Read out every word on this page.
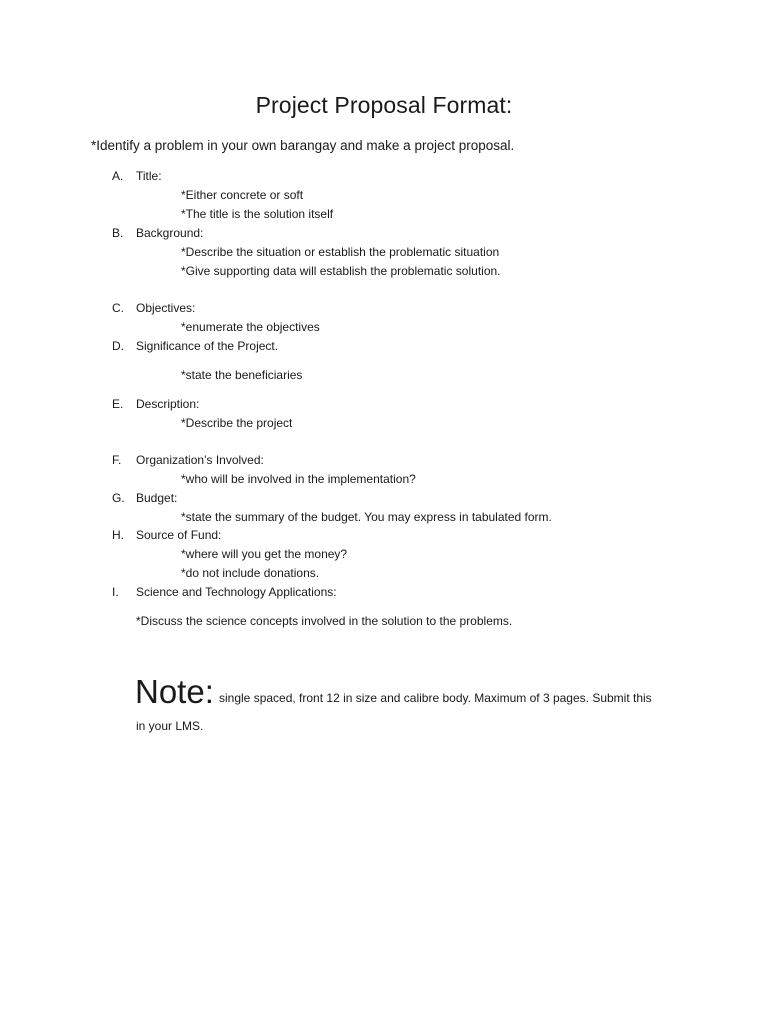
Project Proposal Format:
*Identify a problem in your own barangay and make a project proposal.
A.	Title:
*Either concrete or soft
*The title is the solution itself
B.	Background:
*Describe the situation or establish the problematic situation
*Give supporting data will establish the problematic solution.
C.	Objectives:
*enumerate the objectives
D.	Significance of the Project.
*state the beneficiaries
E.	Description:
*Describe the project
F.	Organization’s Involved:
*who will be involved in the implementation?
G. Budget:
*state the summary of the budget. You may express in tabulated form.
H.	Source of Fund:
*where will you get the money?
*do not include donations.
I.	Science and Technology Applications:
*Discuss the science concepts involved in the solution to the problems.
Note: single spaced, front 12 in size and calibre body. Maximum of 3 pages. Submit this
in your LMS.
